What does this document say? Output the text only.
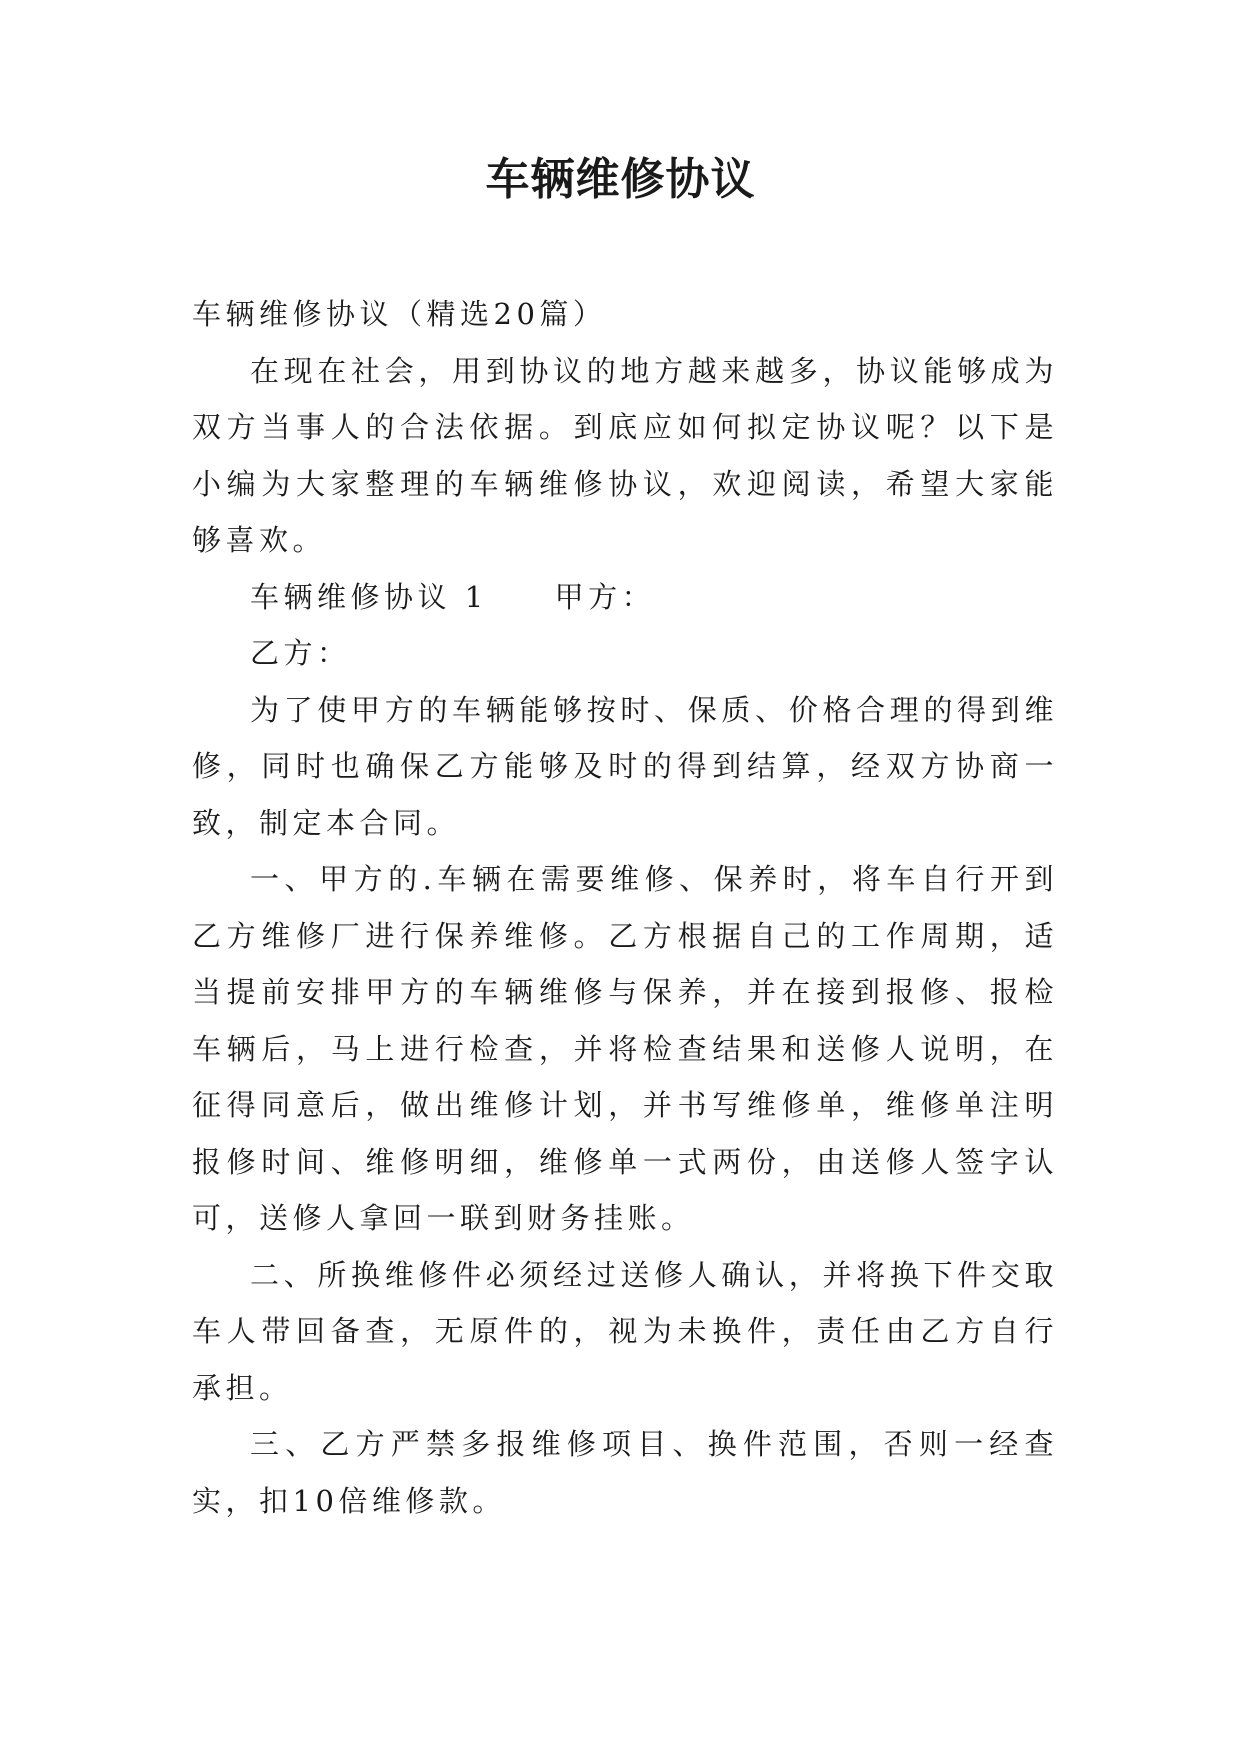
车辆维修协议

车辆维修协议（精选20篇）

在现在社会，用到协议的地方越来越多，协议能够成为双方当事人的合法依据。到底应如何拟定协议呢？以下是小编为大家整理的车辆维修协议，欢迎阅读，希望大家能够喜欢。

车辆维修协议 1　　甲方：

乙方：

为了使甲方的车辆能够按时、保质、价格合理的得到维修，同时也确保乙方能够及时的得到结算，经双方协商一致，制定本合同。

一、甲方的.车辆在需要维修、保养时，将车自行开到乙方维修厂进行保养维修。乙方根据自己的工作周期，适当提前安排甲方的车辆维修与保养，并在接到报修、报检车辆后，马上进行检查，并将检查结果和送修人说明，在征得同意后，做出维修计划，并书写维修单，维修单注明报修时间、维修明细，维修单一式两份，由送修人签字认可，送修人拿回一联到财务挂账。

二、所换维修件必须经过送修人确认，并将换下件交取车人带回备查，无原件的，视为未换件，责任由乙方自行承担。

三、乙方严禁多报维修项目、换件范围，否则一经查实，扣10倍维修款。
